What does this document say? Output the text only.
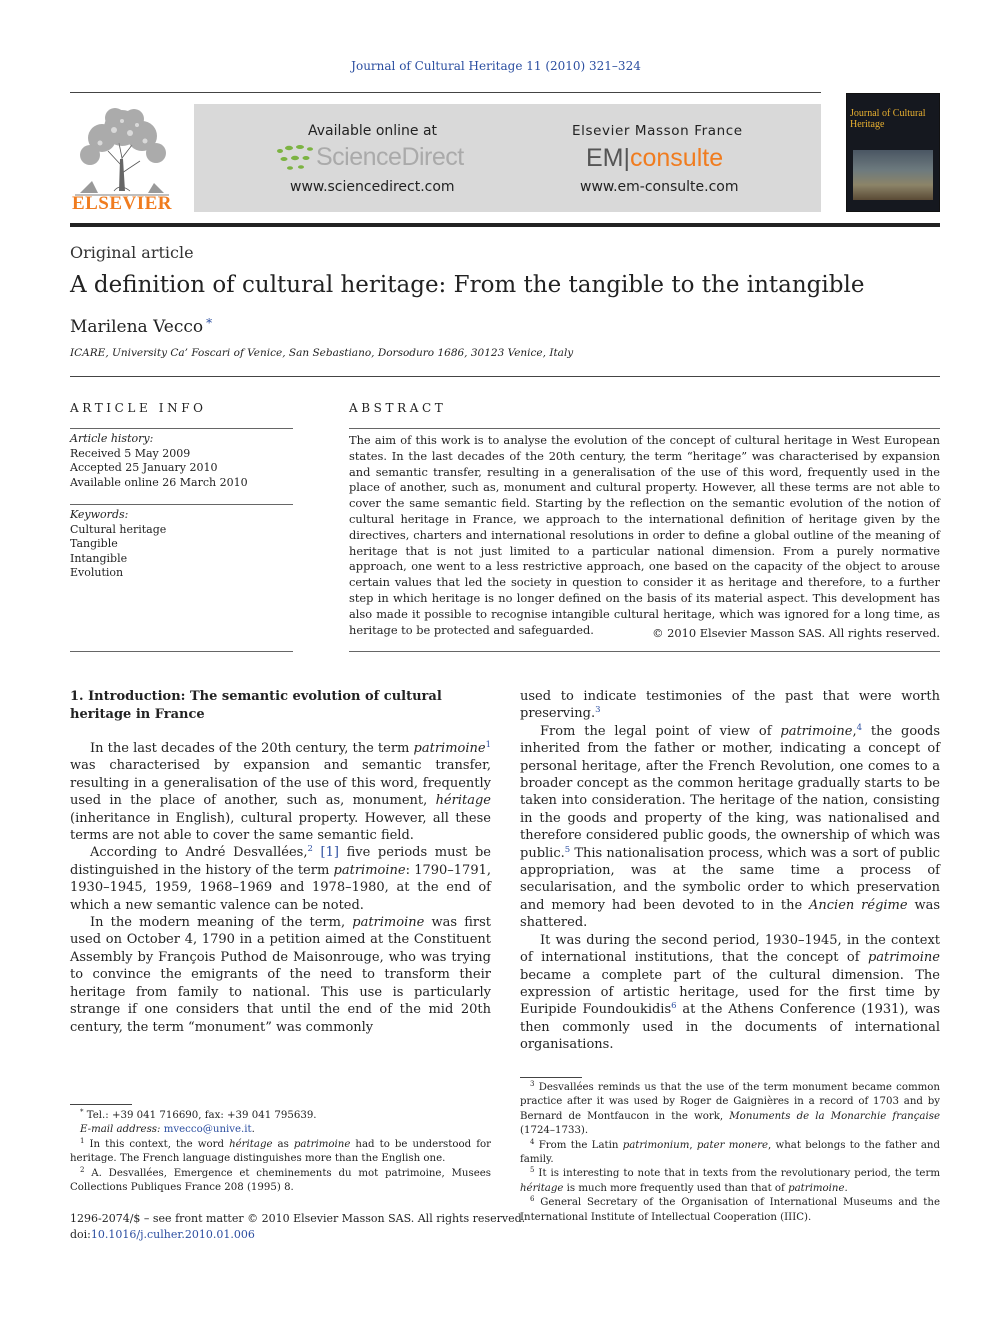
Journal of Cultural Heritage 11 (2010) 321–324
ELSEVIER
Available online at
ScienceDirect
www.sciencedirect.com
Elsevier Masson France
EM|consulte
www.em-consulte.com
Journal of Cultural Heritage
Original article
A definition of cultural heritage: From the tangible to the intangible
Marilena Vecco *
ICARE, University Ca’ Foscari of Venice, San Sebastiano, Dorsoduro 1686, 30123 Venice, Italy
ARTICLE INFO	ABSTRACT
Article history:
Received 5 May 2009
Accepted 25 January 2010
Available online 26 March 2010
Keywords:
Cultural heritage
Tangible
Intangible
Evolution
The aim of this work is to analyse the evolution of the concept of cultural heritage in West European states. In the last decades of the 20th century, the term “heritage” was characterised by expansion and semantic transfer, resulting in a generalisation of the use of this word, frequently used in the place of another, such as, monument and cultural property. However, all these terms are not able to cover the same semantic field. Starting by the reflection on the semantic evolution of the notion of cultural heritage in France, we approach to the international definition of heritage given by the directives, charters and international resolutions in order to define a global outline of the meaning of heritage that is not just limited to a particular national dimension. From a purely normative approach, one went to a less restrictive approach, one based on the capacity of the object to arouse certain values that led the society in question to consider it as heritage and therefore, to a further step in which heritage is no longer defined on the basis of its material aspect. This development has also made it possible to recognise intangible cultural heritage, which was ignored for a long time, as heritage to be protected and safeguarded.	© 2010 Elsevier Masson SAS. All rights reserved.
1. Introduction: The semantic evolution of cultural heritage in France

In the last decades of the 20th century, the term patrimoine$^1$ was characterised by expansion and semantic transfer, resulting in a generalisation of the use of this word, frequently used in the place of another, such as, monument, héritage (inheritance in English), cultural property. However, all these terms are not able to cover the same semantic field.

According to André Desvallées,$^2$ [1] five periods must be distinguished in the history of the term patrimoine: 1790–1791, 1930–1945, 1959, 1968–1969 and 1978–1980, at the end of which a new semantic valence can be noted.

In the modern meaning of the term, patrimoine was first used on October 4, 1790 in a petition aimed at the Constituent Assembly by François Puthod de Maisonrouge, who was trying to convince the emigrants of the need to transform their heritage from family to national. This use is particularly strange if one considers that until the end of the mid 20th century, the term “monument” was commonly

used to indicate testimonies of the past that were worth preserving.$^3$

From the legal point of view of patrimoine,$^4$ the goods inherited from the father or mother, indicating a concept of personal heritage, after the French Revolution, one comes to a broader concept as the common heritage gradually starts to be taken into consideration. The heritage of the nation, consisting in the goods and property of the king, was nationalised and therefore considered public goods, the ownership of which was public.$^5$ This nationalisation process, which was a sort of public appropriation, was at the same time a process of secularisation, and the symbolic order to which preservation and memory had been devoted to in the Ancien régime was shattered.

It was during the second period, 1930–1945, in the context of international institutions, that the concept of patrimoine became a complete part of the cultural dimension. The expression of artistic heritage, used for the first time by Euripide Foundoukidis$^6$ at the Athens Conference (1931), was then commonly used in the documents of international organisations.

* Tel.: +39 041 716690, fax: +39 041 795639.

E-mail address: mvecco@unive.it.

$^1$ In this context, the word héritage as patrimoine had to be understood for heritage. The French language distinguishes more than the English one.

$^2$ A. Desvallées, Emergence et cheminements du mot patrimoine, Musees Collections Publiques France 208 (1995) 8.

$^3$ Desvallées reminds us that the use of the term monument became common practice after it was used by Roger de Gaignières in a record of 1703 and by Bernard de Montfaucon in the work, Monuments de la Monarchie française (1724–1733).

$^4$ From the Latin patrimonium, pater monere, what belongs to the father and family.

$^5$ It is interesting to note that in texts from the revolutionary period, the term héritage is much more frequently used than that of patrimoine.

$^6$ General Secretary of the Organisation of International Museums and the International Institute of Intellectual Cooperation (IIIC).

1296-2074/$ – see front matter © 2010 Elsevier Masson SAS. All rights reserved.
doi:10.1016/j.culher.2010.01.006
